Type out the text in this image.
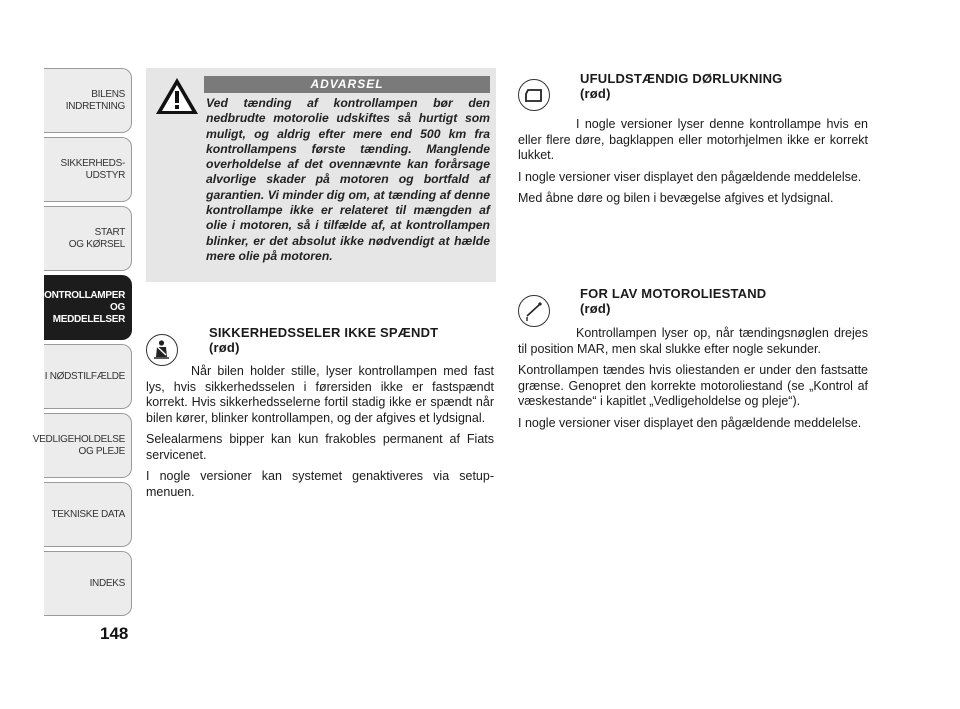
BILENS
INDRETNING
SIKKERHEDS-
UDSTYR
START
OG KØRSEL
KONTROLLAMPER
OG MEDDELELSER
I NØDSTILFÆLDE
VEDLIGEHOLDELSE
OG PLEJE
TEKNISKE DATA
INDEKS
148
ADVARSEL
Ved tænding af kontrollampen bør den nedbrudte motorolie udskiftes så hurtigt som muligt, og aldrig efter mere end 500 km fra kontrollampens første tænding. Manglende overholdelse af det ovennævnte kan forårsage alvorlige skader på motoren og bortfald af garantien. Vi minder dig om, at tænding af denne kontrollampe ikke er relateret til mængden af olie i motoren, så i tilfælde af, at kontrollampen blinker, er det absolut ikke nødvendigt at hælde mere olie på motoren.
SIKKERHEDSSELER IKKE SPÆNDT
(rød)

Når bilen holder stille, lyser kontrollampen med fast lys, hvis sikkerhedsselen i førersiden ikke er fastspændt korrekt. Hvis sikkerhedsselerne fortil stadig ikke er spændt når bilen kører, blinker kontrollampen, og der afgives et lydsignal.

Selealarmens bipper kan kun frakobles permanent af Fiats servicenet.

I nogle versioner kan systemet genaktiveres via setup-menuen.

UFULDSTÆNDIG DØRLUKNING
(rød)

I nogle versioner lyser denne kontrollampe hvis en eller flere døre, bagklappen eller motorhjelmen ikke er korrekt lukket.

I nogle versioner viser displayet den pågældende meddelelse.

Med åbne døre og bilen i bevægelse afgives et lydsignal.

FOR LAV MOTOROLIESTAND
(rød)

Kontrollampen lyser op, når tændingsnøglen drejes til position MAR, men skal slukke efter nogle sekunder.

Kontrollampen tændes hvis oliestanden er under den fastsatte grænse. Genopret den korrekte motoroliestand (se „Kontrol af væskestande“ i kapitlet „Vedligeholdelse og pleje“).

I nogle versioner viser displayet den pågældende meddelelse.
